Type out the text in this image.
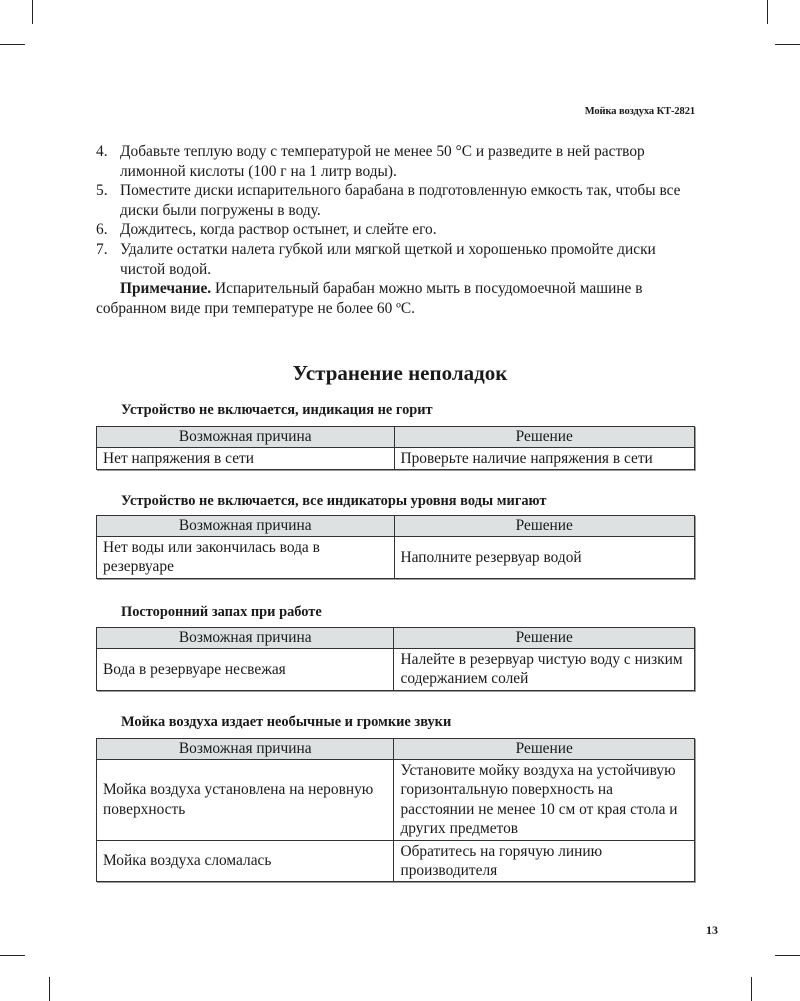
Мойка воздуха КТ-2821
4. Добавьте теплую воду с температурой не менее 50 °С и разведите в ней раствор лимонной кислоты (100 г на 1 литр воды).
5. Поместите диски испарительного барабана в подготовленную емкость так, чтобы все диски были погружены в воду.
6. Дождитесь, когда раствор остынет, и слейте его.
7. Удалите остатки налета губкой или мягкой щеткой и хорошенько промойте диски чистой водой.

Примечание. Испарительный барабан можно мыть в посудомоечной машине в собранном виде при температуре не более 60 ºС.

Устранение неполадок
Устройство не включается, индикация не горит
Возможная причина	Решение
Нет напряжения в сети	Проверьте наличие напряжения в сети
Устройство не включается, все индикаторы уровня воды мигают
Возможная причина	Решение
Нет воды или закончилась вода в резервуаре	Наполните резервуар водой
Посторонний запах при работе
Возможная причина	Решение
Вода в резервуаре несвежая	Налейте в резервуар чистую воду с низким содержанием солей
Мойка воздуха издает необычные и громкие звуки
Возможная причина	Решение
Мойка воздуха установлена на неровную поверхность	Установите мойку воздуха на устойчивую горизонтальную поверхность на расстоянии не менее 10 см от края стола и других предметов
Мойка воздуха сломалась	Обратитесь на горячую линию производителя
13
